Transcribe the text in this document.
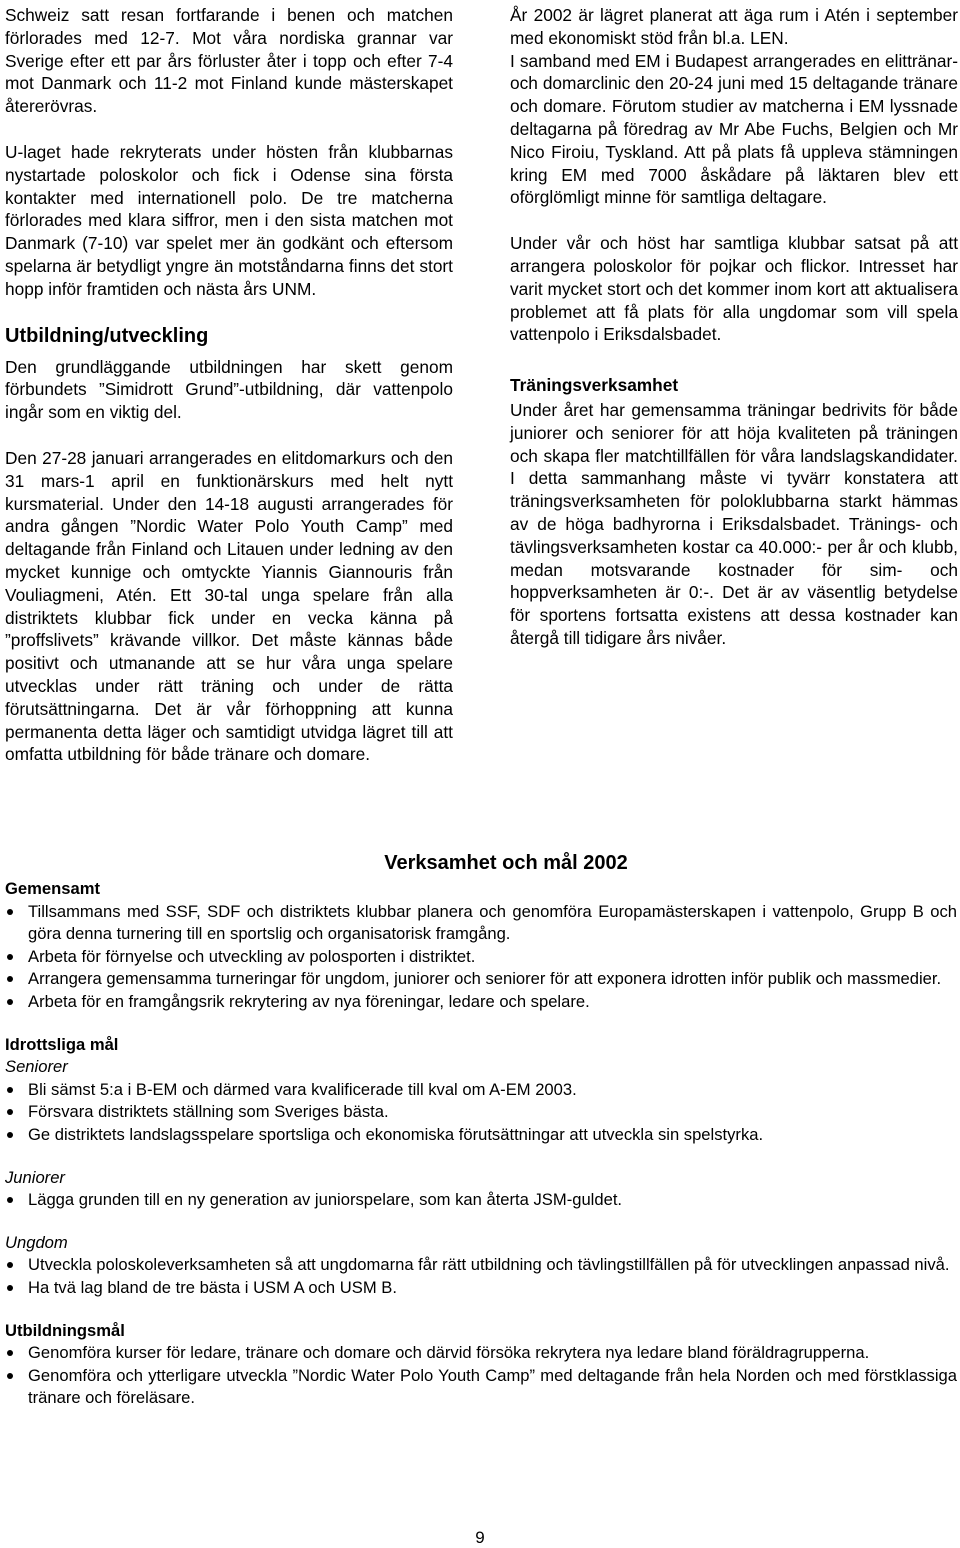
Schweiz satt resan fortfarande i benen och matchen förlorades med 12-7. Mot våra nordiska grannar var Sverige efter ett par års förluster åter i topp och efter 7-4 mot Danmark och 11-2 mot Finland kunde mästerskapet återerövras.

U-laget hade rekryterats under hösten från klubbarnas nystartade poloskolor och fick i Odense sina första kontakter med internationell polo. De tre matcherna förlorades med klara siffror, men i den sista matchen mot Danmark (7-10) var spelet mer än godkänt och eftersom spelarna är betydligt yngre än motståndarna finns det stort hopp inför framtiden och nästa års UNM.

Utbildning/utveckling

Den grundläggande utbildningen har skett genom förbundets ”Simidrott Grund”-utbildning, där vattenpolo ingår som en viktig del.

Den 27-28 januari arrangerades en elitdomarkurs och den 31 mars-1 april en funktionärskurs med helt nytt kursmaterial. Under den 14-18 augusti arrangerades för andra gången ”Nordic Water Polo Youth Camp” med deltagande från Finland och Litauen under ledning av den mycket kunnige och omtyckte Yiannis Giannouris från Vouliagmeni, Atén. Ett 30-tal unga spelare från alla distriktets klubbar fick under en vecka känna på ”proffslivets” krävande villkor. Det måste kännas både positivt och utmanande att se hur våra unga spelare utvecklas under rätt träning och under de rätta förutsättningarna. Det är vår förhoppning att kunna permanenta detta läger och samtidigt utvidga lägret till att omfatta utbildning för både tränare och domare.

År 2002 är lägret planerat att äga rum i Atén i september med ekonomiskt stöd från bl.a. LEN.

I samband med EM i Budapest arrangerades en elittränar- och domarclinic den 20-24 juni med 15 deltagande tränare och domare. Förutom studier av matcherna i EM lyssnade deltagarna på föredrag av Mr Abe Fuchs, Belgien och Mr Nico Firoiu, Tyskland. Att på plats få uppleva stämningen kring EM med 7000 åskådare på läktaren blev ett oförglömligt minne för samtliga deltagare.

Under vår och höst har samtliga klubbar satsat på att arrangera poloskolor för pojkar och flickor. Intresset har varit mycket stort och det kommer inom kort att aktualisera problemet att få plats för alla ungdomar som vill spela vattenpolo i Eriksdalsbadet.

Träningsverksamhet

Under året har gemensamma träningar bedrivits för både juniorer och seniorer för att höja kvaliteten på träningen och skapa fler matchtillfällen för våra landslagskandidater. I detta sammanhang måste vi tyvärr konstatera att träningsverksamheten för poloklubbarna starkt hämmas av de höga badhyrorna i Eriksdalsbadet. Tränings- och tävlingsverksamheten kostar ca 40.000:- per år och klubb, medan motsvarande kostnader för sim- och hoppverksamheten är 0:-. Det är av väsentlig betydelse för sportens fortsatta existens att dessa kostnader kan återgå till tidigare års nivåer.

Verksamhet och mål 2002
Gemensamt
Tillsammans med SSF, SDF och distriktets klubbar planera och genomföra Europamästerskapen i vattenpolo, Grupp B och göra denna turnering till en sportslig och organisatorisk framgång.
Arbeta för förnyelse och utveckling av polosporten i distriktet.
Arrangera gemensamma turneringar för ungdom, juniorer och seniorer för att exponera idrotten inför publik och massmedier.
Arbeta för en framgångsrik rekrytering av nya föreningar, ledare och spelare.
Idrottsliga mål
Seniorer
Bli sämst 5:a i B-EM och därmed vara kvalificerade till kval om A-EM 2003.
Försvara distriktets ställning som Sveriges bästa.
Ge distriktets landslagsspelare sportsliga och ekonomiska förutsättningar att utveckla sin spelstyrka.
Juniorer
Lägga grunden till en ny generation av juniorspelare, som kan återta JSM-guldet.
Ungdom
Utveckla poloskoleverksamheten så att ungdomarna får rätt utbildning och tävlingstillfällen på för utvecklingen anpassad nivå.
Ha tvä lag bland de tre bästa i USM A och USM B.
Utbildningsmål
Genomföra kurser för ledare, tränare och domare och därvid försöka rekrytera nya ledare bland föräldragrupperna.
Genomföra och ytterligare utveckla ”Nordic Water Polo Youth Camp” med deltagande från hela Norden och med förstklassiga tränare och föreläsare.
9
